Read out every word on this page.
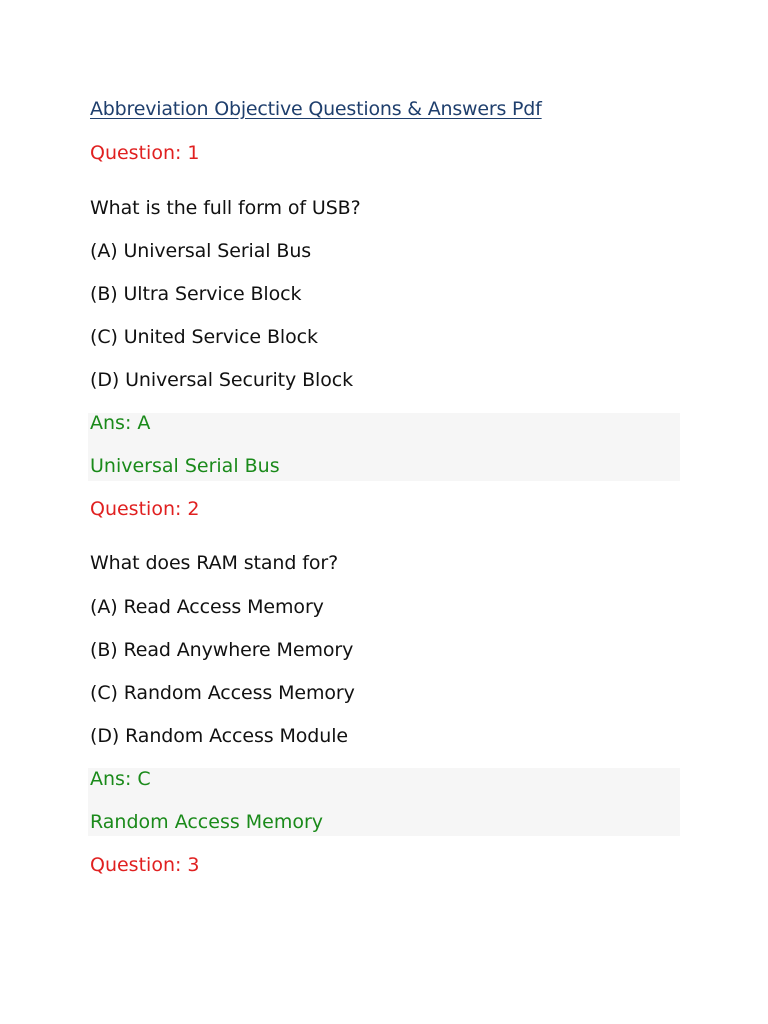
Abbreviation Objective Questions & Answers Pdf
Question: 1
What is the full form of USB?
(A) Universal Serial Bus
(B) Ultra Service Block
(C) United Service Block
(D) Universal Security Block
Ans: A
Universal Serial Bus
Question: 2
What does RAM stand for?
(A) Read Access Memory
(B) Read Anywhere Memory
(C) Random Access Memory
(D) Random Access Module
Ans: C
Random Access Memory
Question: 3
